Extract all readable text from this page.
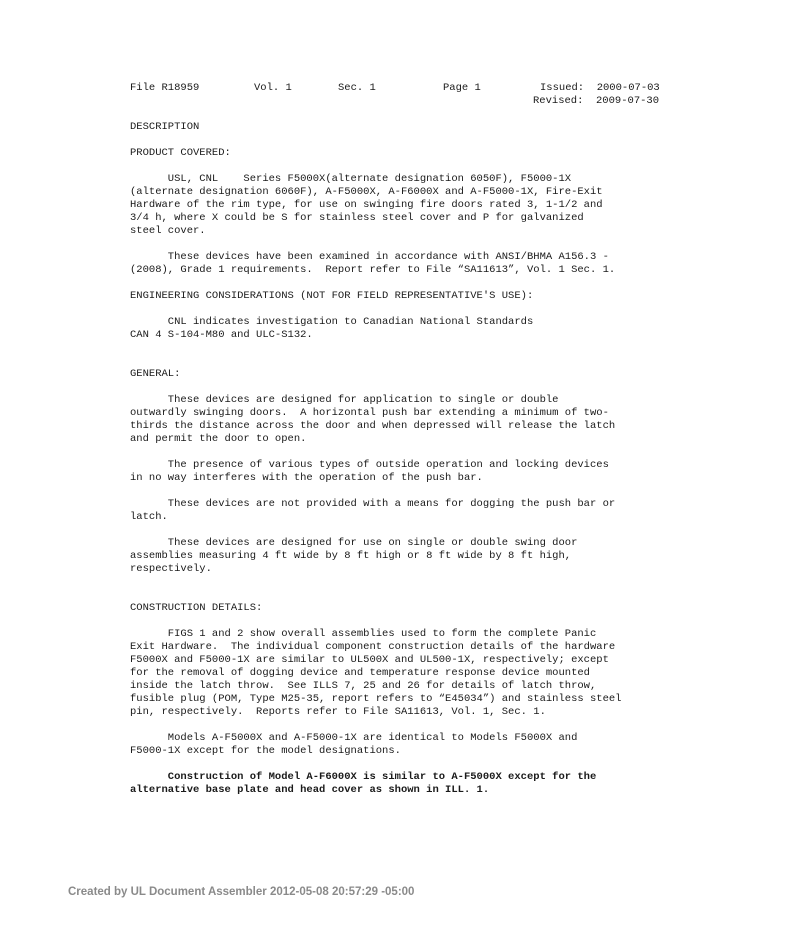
File R18959	Vol. 1	Sec. 1	Page 1	Issued:  2000-07-03
Revised:  2009-07-30
DESCRIPTION
PRODUCT COVERED:
USL, CNL    Series F5000X(alternate designation 6050F), F5000-1X
(alternate designation 6060F), A-F5000X, A-F6000X and A-F5000-1X, Fire-Exit
Hardware of the rim type, for use on swinging fire doors rated 3, 1-1/2 and
3/4 h, where X could be S for stainless steel cover and P for galvanized
steel cover.
These devices have been examined in accordance with ANSI/BHMA A156.3 -
(2008), Grade 1 requirements.  Report refer to File “SA11613”, Vol. 1 Sec. 1.
ENGINEERING CONSIDERATIONS (NOT FOR FIELD REPRESENTATIVE'S USE):
CNL indicates investigation to Canadian National Standards
CAN 4 S-104-M80 and ULC-S132.
GENERAL:
These devices are designed for application to single or double
outwardly swinging doors.  A horizontal push bar extending a minimum of two-
thirds the distance across the door and when depressed will release the latch
and permit the door to open.
The presence of various types of outside operation and locking devices
in no way interferes with the operation of the push bar.
These devices are not provided with a means for dogging the push bar or
latch.
These devices are designed for use on single or double swing door
assemblies measuring 4 ft wide by 8 ft high or 8 ft wide by 8 ft high,
respectively.
CONSTRUCTION DETAILS:
FIGS 1 and 2 show overall assemblies used to form the complete Panic
Exit Hardware.  The individual component construction details of the hardware
F5000X and F5000-1X are similar to UL500X and UL500-1X, respectively; except
for the removal of dogging device and temperature response device mounted
inside the latch throw.  See ILLS 7, 25 and 26 for details of latch throw,
fusible plug (POM, Type M25-35, report refers to “E45034”) and stainless steel
pin, respectively.  Reports refer to File SA11613, Vol. 1, Sec. 1.
Models A-F5000X and A-F5000-1X are identical to Models F5000X and
F5000-1X except for the model designations.
Construction of Model A-F6000X is similar to A-F5000X except for the
alternative base plate and head cover as shown in ILL. 1.
Created by UL Document Assembler 2012-05-08 20:57:29 -05:00
